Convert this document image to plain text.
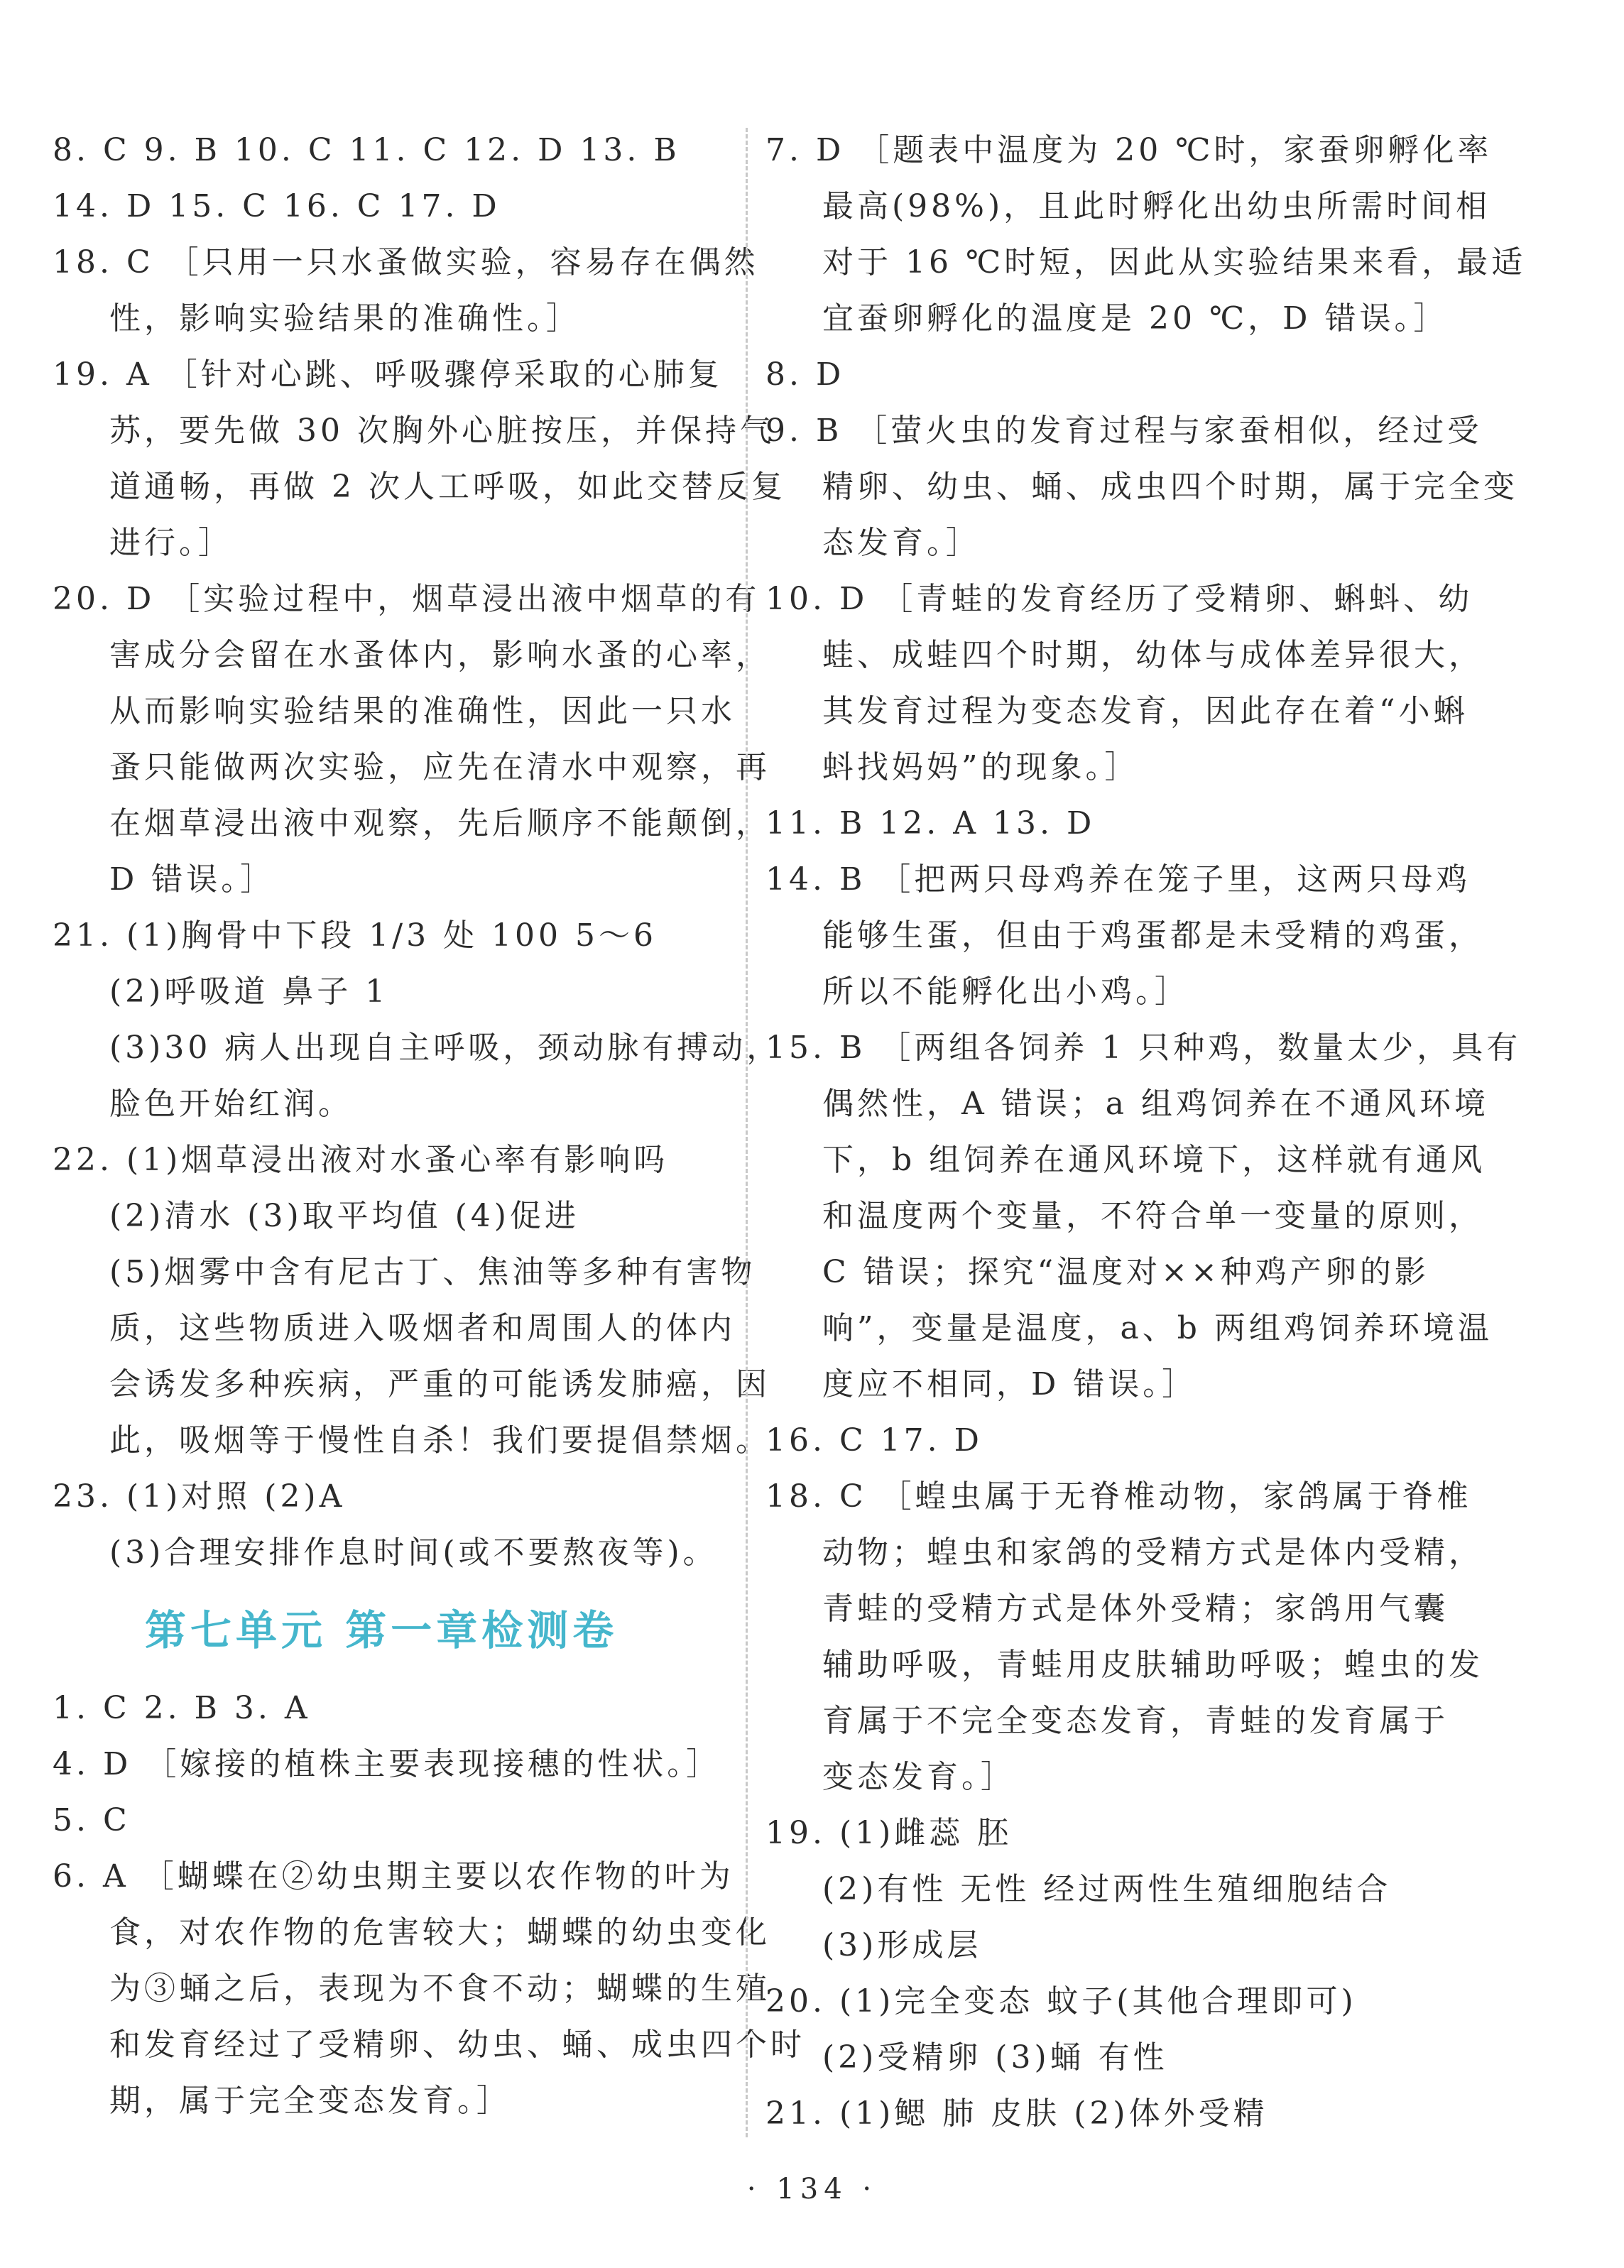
8. C 9. B 10. C 11. C 12. D 13. B
14. D 15. C 16. C 17. D
18. C ［只用一只水蚤做实验，容易存在偶然
性，影响实验结果的准确性。］
19. A ［针对心跳、呼吸骤停采取的心肺复
苏，要先做 30 次胸外心脏按压，并保持气
道通畅，再做 2 次人工呼吸，如此交替反复
进行。］
20. D ［实验过程中，烟草浸出液中烟草的有
害成分会留在水蚤体内，影响水蚤的心率，
从而影响实验结果的准确性，因此一只水
蚤只能做两次实验，应先在清水中观察，再
在烟草浸出液中观察，先后顺序不能颠倒，
D 错误。］
21. (1)胸骨中下段 1/3 处 100 5～6
(2)呼吸道 鼻子 1
(3)30 病人出现自主呼吸，颈动脉有搏动，
脸色开始红润。
22. (1)烟草浸出液对水蚤心率有影响吗
(2)清水 (3)取平均值 (4)促进
(5)烟雾中含有尼古丁、焦油等多种有害物
质，这些物质进入吸烟者和周围人的体内
会诱发多种疾病，严重的可能诱发肺癌，因
此，吸烟等于慢性自杀！我们要提倡禁烟。
23. (1)对照 (2)A
(3)合理安排作息时间(或不要熬夜等)。
第七单元 第一章检测卷
1. C 2. B 3. A
4. D ［嫁接的植株主要表现接穗的性状。］
5. C
6. A ［蝴蝶在②幼虫期主要以农作物的叶为
食，对农作物的危害较大；蝴蝶的幼虫变化
为③蛹之后，表现为不食不动；蝴蝶的生殖
和发育经过了受精卵、幼虫、蛹、成虫四个时
期，属于完全变态发育。］
7. D ［题表中温度为 20 ℃时，家蚕卵孵化率
最高(98%)，且此时孵化出幼虫所需时间相
对于 16 ℃时短，因此从实验结果来看，最适
宜蚕卵孵化的温度是 20 ℃，D 错误。］
8. D
9. B ［萤火虫的发育过程与家蚕相似，经过受
精卵、幼虫、蛹、成虫四个时期，属于完全变
态发育。］
10. D ［青蛙的发育经历了受精卵、蝌蚪、幼
蛙、成蛙四个时期，幼体与成体差异很大，
其发育过程为变态发育，因此存在着“小蝌
蚪找妈妈”的现象。］
11. B 12. A 13. D
14. B ［把两只母鸡养在笼子里，这两只母鸡
能够生蛋，但由于鸡蛋都是未受精的鸡蛋，
所以不能孵化出小鸡。］
15. B ［两组各饲养 1 只种鸡，数量太少，具有
偶然性，A 错误；a 组鸡饲养在不通风环境
下，b 组饲养在通风环境下，这样就有通风
和温度两个变量，不符合单一变量的原则，
C 错误；探究“温度对××种鸡产卵的影
响”，变量是温度，a、b 两组鸡饲养环境温
度应不相同，D 错误。］
16. C 17. D
18. C ［蝗虫属于无脊椎动物，家鸽属于脊椎
动物；蝗虫和家鸽的受精方式是体内受精，
青蛙的受精方式是体外受精；家鸽用气囊
辅助呼吸，青蛙用皮肤辅助呼吸；蝗虫的发
育属于不完全变态发育，青蛙的发育属于
变态发育。］
19. (1)雌蕊 胚
(2)有性 无性 经过两性生殖细胞结合
(3)形成层
20. (1)完全变态 蚊子(其他合理即可)
(2)受精卵 (3)蛹 有性
21. (1)鳃 肺 皮肤 (2)体外受精
· 134 ·
